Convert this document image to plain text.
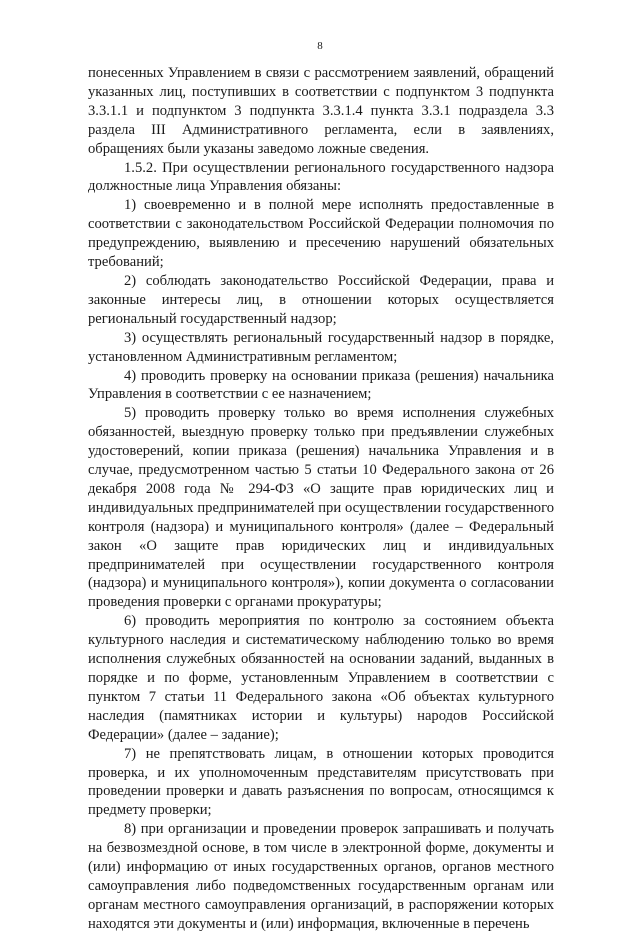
8

понесенных Управлением в связи с рассмотрением заявлений, обращений указанных лиц, поступивших в соответствии с подпунктом 3 подпункта 3.3.1.1 и подпунктом 3 подпункта 3.3.1.4 пункта 3.3.1 подраздела 3.3 раздела III Административного регламента, если в заявлениях, обращениях были указаны заведомо ложные сведения.

1.5.2. При осуществлении регионального государственного надзора должностные лица Управления обязаны:

1) своевременно и в полной мере исполнять предоставленные в соответствии с законодательством Российской Федерации полномочия по предупреждению, выявлению и пресечению нарушений обязательных требований;

2) соблюдать законодательство Российской Федерации, права и законные интересы лиц, в отношении которых осуществляется региональный государственный надзор;

3) осуществлять региональный государственный надзор в порядке, установленном Административным регламентом;

4) проводить проверку на основании приказа (решения) начальника Управления в соответствии с ее назначением;

5) проводить проверку только во время исполнения служебных обязанностей, выездную проверку только при предъявлении служебных удостоверений, копии приказа (решения) начальника Управления и в случае, предусмотренном частью 5 статьи 10 Федерального закона от 26 декабря 2008 года № 294-ФЗ «О защите прав юридических лиц и индивидуальных предпринимателей при осуществлении государственного контроля (надзора) и муниципального контроля» (далее – Федеральный закон «О защите прав юридических лиц и индивидуальных предпринимателей при осуществлении государственного контроля (надзора) и муниципального контроля»), копии документа о согласовании проведения проверки с органами прокуратуры;

6) проводить мероприятия по контролю за состоянием объекта культурного наследия и систематическому наблюдению только во время исполнения служебных обязанностей на основании заданий, выданных в порядке и по форме, установленным Управлением в соответствии с пунктом 7 статьи 11 Федерального закона «Об объектах культурного наследия (памятниках истории и культуры) народов Российской Федерации» (далее – задание);

7) не препятствовать лицам, в отношении которых проводится проверка, и их уполномоченным представителям присутствовать при проведении проверки и давать разъяснения по вопросам, относящимся к предмету проверки;

8) при организации и проведении проверок запрашивать и получать на безвозмездной основе, в том числе в электронной форме, документы и (или) информацию от иных государственных органов, органов местного самоуправления либо подведомственных государственным органам или органам местного самоуправления организаций, в распоряжении которых находятся эти документы и (или) информация, включенные в перечень
